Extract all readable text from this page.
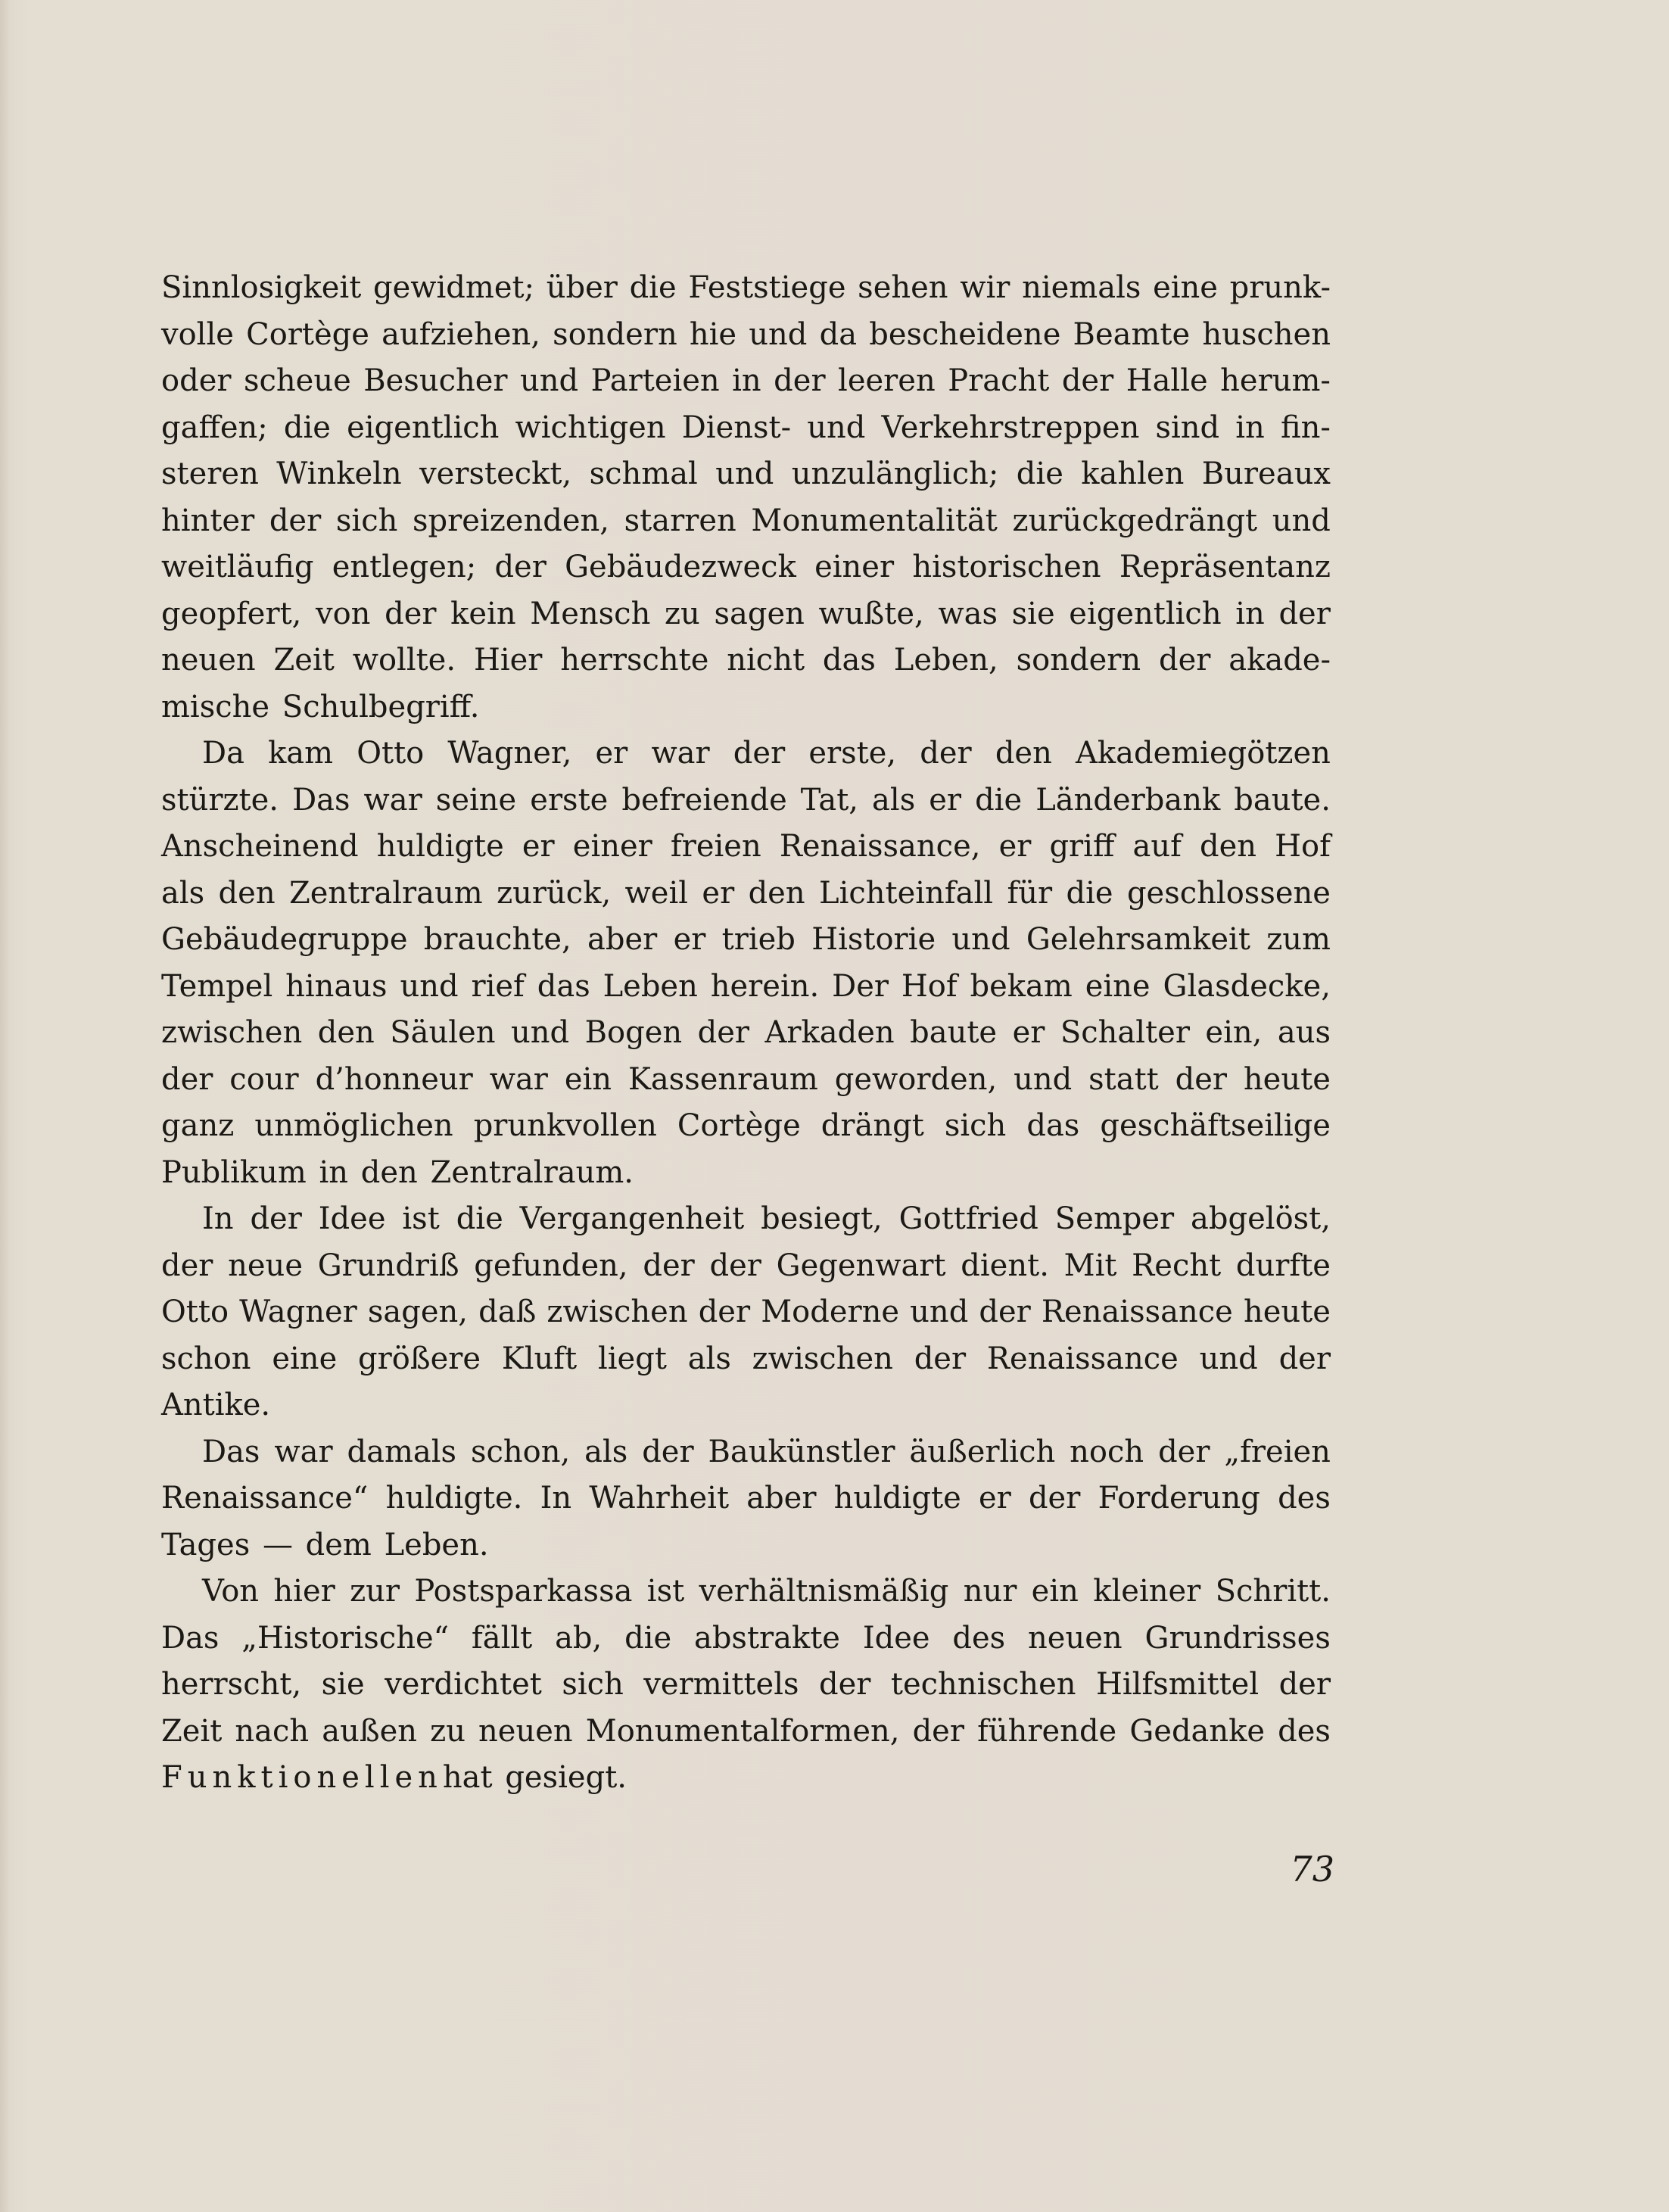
Sinnlosigkeit gewidmet; über die Feststiege sehen wir niemals eine prunk-
volle Cortège aufziehen, sondern hie und da bescheidene Beamte huschen
oder scheue Besucher und Parteien in der leeren Pracht der Halle herum-
gaffen; die eigentlich wichtigen Dienst- und Verkehrstreppen sind in fin-
steren Winkeln versteckt, schmal und unzulänglich; die kahlen Bureaux
hinter der sich spreizenden, starren Monumentalität zurückgedrängt und
weitläufig entlegen; der Gebäudezweck einer historischen Repräsentanz
geopfert, von der kein Mensch zu sagen wußte, was sie eigentlich in der
neuen Zeit wollte. Hier herrschte nicht das Leben, sondern der akade-
mische Schulbegriff.
Da kam Otto Wagner, er war der erste, der den Akademiegötzen
stürzte. Das war seine erste befreiende Tat, als er die Länderbank baute.
Anscheinend huldigte er einer freien Renaissance, er griff auf den Hof
als den Zentralraum zurück, weil er den Lichteinfall für die geschlossene
Gebäudegruppe brauchte, aber er trieb Historie und Gelehrsamkeit zum
Tempel hinaus und rief das Leben herein. Der Hof bekam eine Glasdecke,
zwischen den Säulen und Bogen der Arkaden baute er Schalter ein, aus
der cour d’honneur war ein Kassenraum geworden, und statt der heute
ganz unmöglichen prunkvollen Cortège drängt sich das geschäftseilige
Publikum in den Zentralraum.
In der Idee ist die Vergangenheit besiegt, Gottfried Semper abgelöst,
der neue Grundriß gefunden, der der Gegenwart dient. Mit Recht durfte
Otto Wagner sagen, daß zwischen der Moderne und der Renaissance heute
schon eine größere Kluft liegt als zwischen der Renaissance und der
Antike.
Das war damals schon, als der Baukünstler äußerlich noch der „freien
Renaissance“ huldigte. In Wahrheit aber huldigte er der Forderung des
Tages — dem Leben.
Von hier zur Postsparkassa ist verhältnismäßig nur ein kleiner Schritt.
Das „Historische“ fällt ab, die abstrakte Idee des neuen Grundrisses
herrscht, sie verdichtet sich vermittels der technischen Hilfsmittel der
Zeit nach außen zu neuen Monumentalformen, der führende Gedanke des
Funktionellen hat gesiegt.
73
